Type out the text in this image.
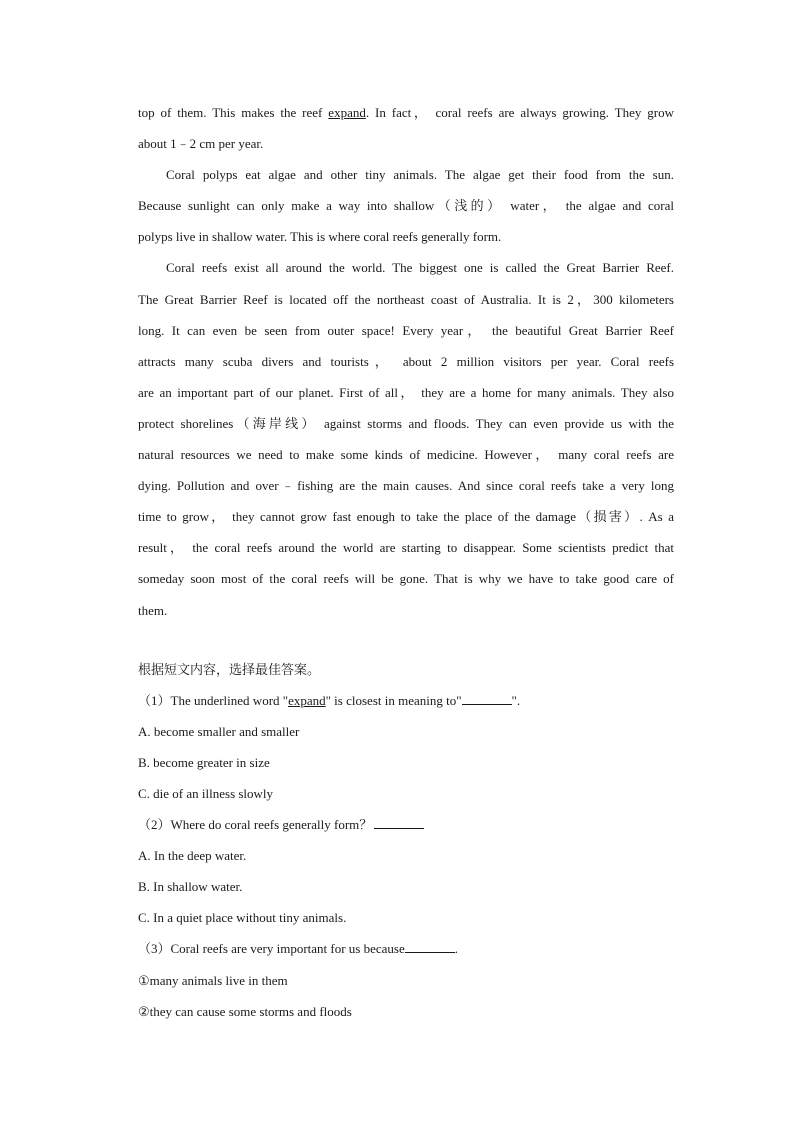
top of them. This makes the reef expand. In fact， coral reefs are always growing. They grow
about 1﹣2 cm per year.
Coral polyps eat algae and other tiny animals. The algae get their food from the sun.
Because sunlight can only make a way into shallow（浅的） water， the algae and coral
polyps live in shallow water. This is where coral reefs generally form.
Coral reefs exist all around the world. The biggest one is called the Great Barrier Reef.
The Great Barrier Reef is located off the northeast coast of Australia. It is 2，300 kilometers
long. It can even be seen from outer space! Every year， the beautiful Great Barrier Reef
attracts many scuba divers and tourists， about 2 million visitors per year. Coral reefs
are an important part of our planet. First of all， they are a home for many animals. They also
protect shorelines（海岸线） against storms and floods. They can even provide us with the
natural resources we need to make some kinds of medicine. However， many coral reefs are
dying. Pollution and over﹣fishing are the main causes. And since coral reefs take a very long
time to grow， they cannot grow fast enough to take the place of the damage（损害）. As a
result， the coral reefs around the world are starting to disappear. Some scientists predict that
someday soon most of the coral reefs will be gone. That is why we have to take good care of
them.
根据短文内容，选择最佳答案。
（1）The underlined word "expand" is closest in meaning to"	".
A. become smaller and smaller
B. become greater in size
C. die of an illness slowly
（2）Where do coral reefs generally form？
A. In the deep water.
B. In shallow water.
C. In a quiet place without tiny animals.
（3）Coral reefs are very important for us because	.
①many animals live in them
②they can cause some storms and floods
